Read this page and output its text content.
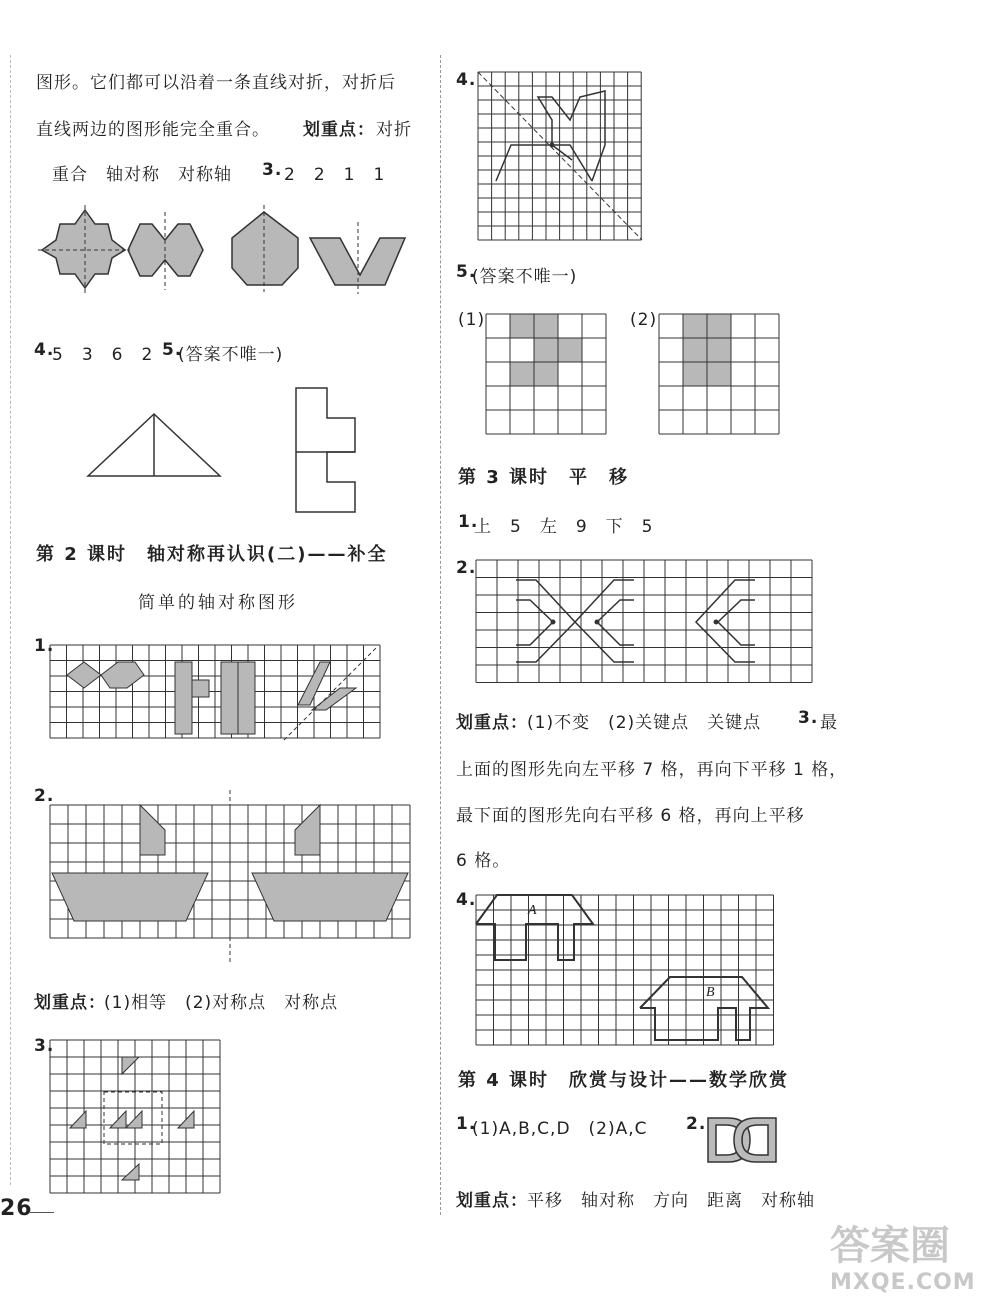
图形。它们都可以沿着一条直线对折，对折后
直线两边的图形能完全重合。 划重点： 对折
重合　轴对称　对称轴 3. 2　2　1　1
4.
5　3　6　2 5.
(答案不唯一)
第 2 课时　轴对称再认识(二)——补全
简单的轴对称图形
1.
2.
划重点：
(1)相等　(2)对称点　对称点
3.
26
4.
5.
(答案不唯一)
(1)	(2)
第 3 课时　平　移
1.
上　5　左　9　下　5
2.
划重点： (1)不变　(2)关键点　关键点 3. 最
上面的图形先向左平移 7 格，再向下平移 1 格，
最下面的图形先向右平移 6 格，再向上平移
6 格。
4.
A
B
第 4 课时　欣赏与设计——数学欣赏
1.
(1)A,B,C,D　(2)A,C 2.
划重点： 平移　轴对称　方向　距离　对称轴
答案圈
MXQE.COM
